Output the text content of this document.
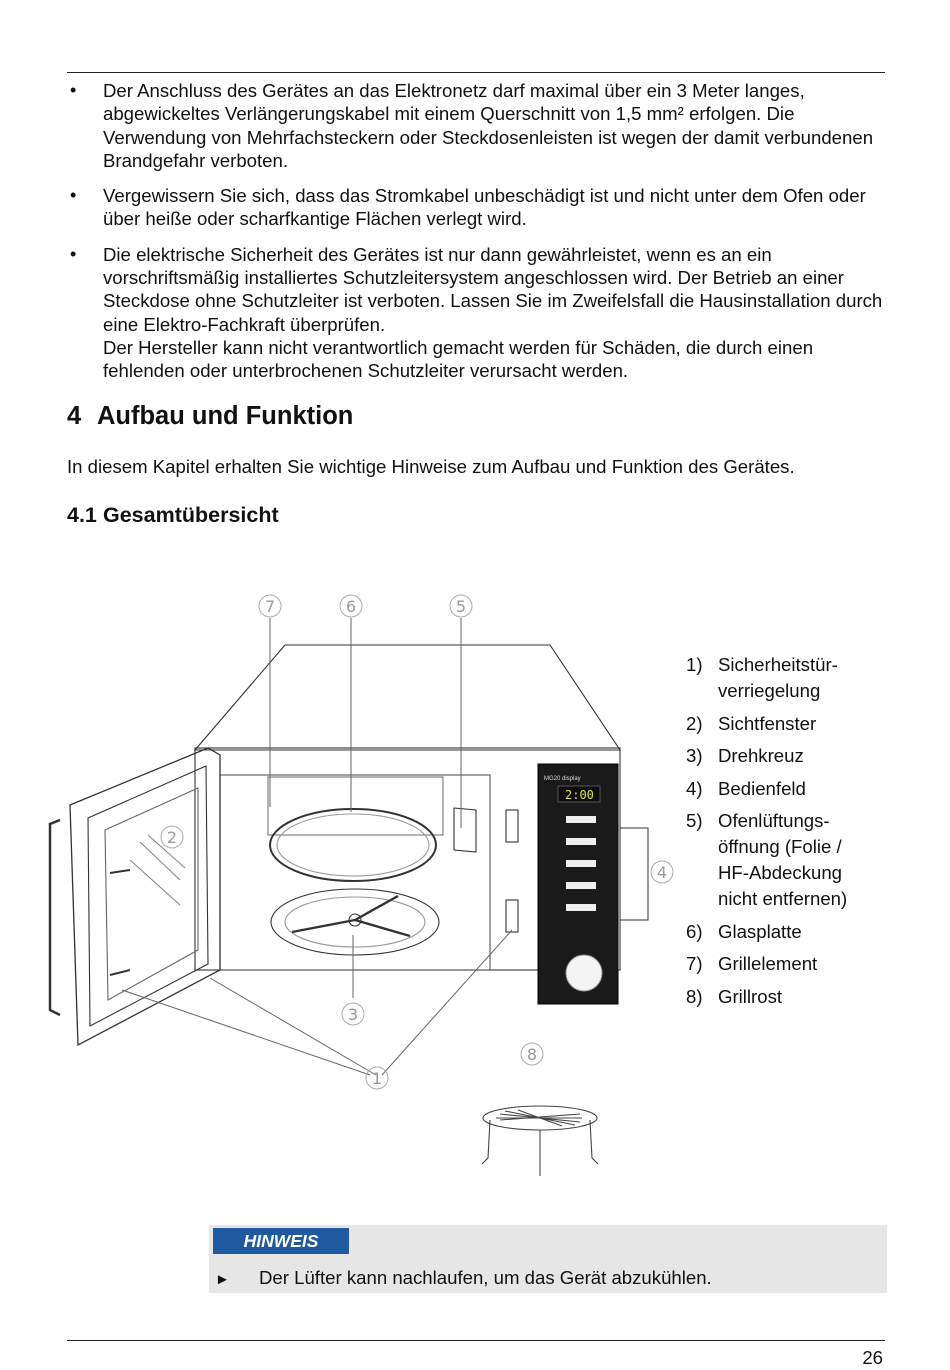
• Der Anschluss des Gerätes an das Elektronetz darf maximal über ein 3 Meter langes, abgewickeltes Verlängerungskabel mit einem Querschnitt von 1,5 mm² erfolgen. Die Verwendung von Mehrfachsteckern oder Steckdosenleisten ist wegen der damit verbundenen Brandgefahr verboten.

• Vergewissern Sie sich, dass das Stromkabel unbeschädigt ist und nicht unter dem Ofen oder über heiße oder scharfkantige Flächen verlegt wird.

• Die elektrische Sicherheit des Gerätes ist nur dann gewährleistet, wenn es an ein vorschriftsmäßig installiertes Schutzleitersystem angeschlossen wird. Der Betrieb an einer Steckdose ohne Schutzleiter ist verboten. Lassen Sie im Zweifelsfall die Hausinstallation durch eine Elektro-Fachkraft überprüfen.

Der Hersteller kann nicht verantwortlich gemacht werden für Schäden, die durch einen fehlenden oder unterbrochenen Schutzleiter verursacht werden.

4 Aufbau und Funktion

In diesem Kapitel erhalten Sie wichtige Hinweise zum Aufbau und Funktion des Gerätes.

4.1 Gesamtübersicht
MG20 display
2:00
7	6	5
2
4
3
1
8
1) Sicherheitstür-
verriegelung
2) Sichtfenster
3) Drehkreuz
4) Bedienfeld
5) Ofenlüftungs-
öffnung (Folie /
HF-Abdeckung
nicht entfernen)
6) Glasplatte
7) Grillelement
8) Grillrost
HINWEIS
► Der Lüfter kann nachlaufen, um das Gerät abzukühlen.
26
